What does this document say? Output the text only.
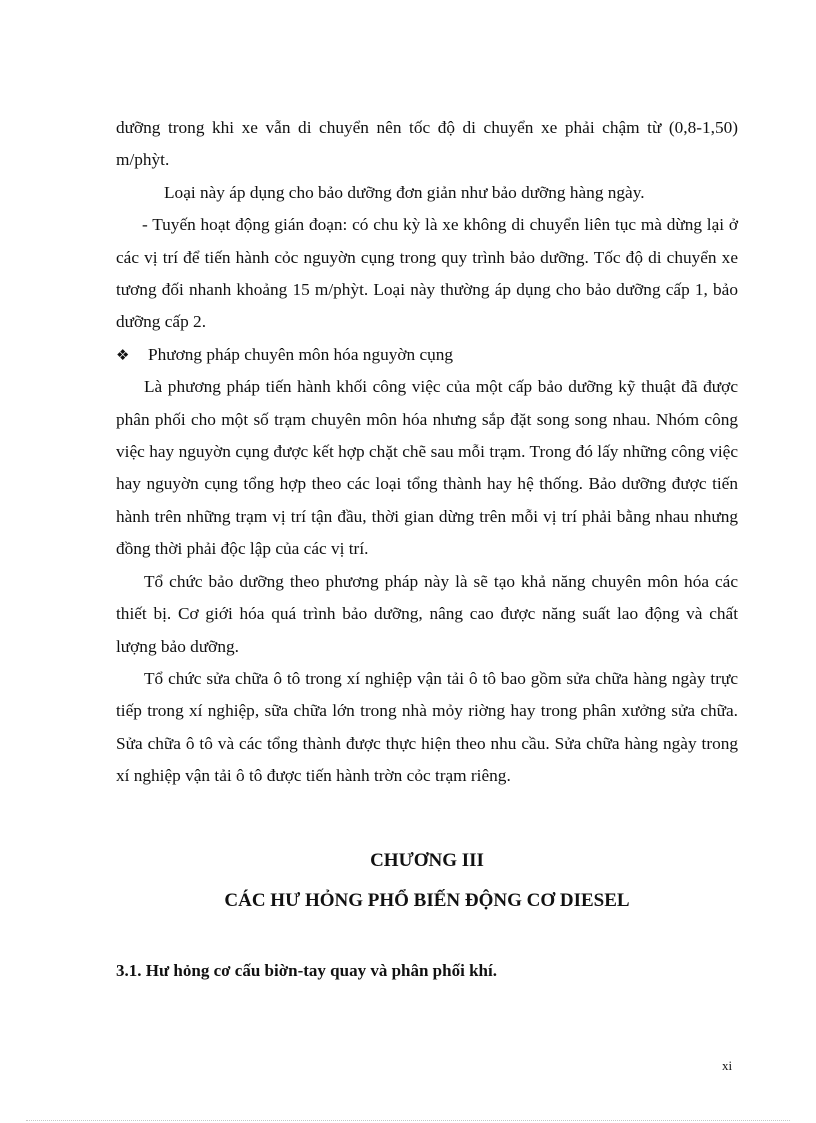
dưỡng trong khi xe vẫn di chuyển nên tốc độ di chuyển xe phải chậm từ (0,8-1,50) m/phỳt.

Loại này áp dụng cho bảo dưỡng đơn giản như bảo dưỡng hàng ngày.

- Tuyến hoạt động gián đoạn: có chu kỳ là xe không di chuyển liên tục mà dừng lại ở các vị trí để tiến hành cỏc nguyờn cụng trong quy trình bảo dưỡng. Tốc độ di chuyển xe tương đối nhanh khoảng 15 m/phỳt. Loại này thường áp dụng cho bảo dưỡng cấp 1, bảo dưỡng cấp 2.

❖	Phương pháp chuyên môn hóa nguyờn cụng

Là phương pháp tiến hành khối công việc của một cấp bảo dưỡng kỹ thuật đã được phân phối cho một số trạm chuyên môn hóa nhưng sắp đặt song song nhau. Nhóm công việc hay nguyờn cụng được kết hợp chặt chẽ sau mỗi trạm. Trong đó lấy những công việc hay nguyờn cụng tổng hợp theo các loại tổng thành hay hệ thống. Bảo dưỡng được tiến hành trên những trạm vị trí tận đầu, thời gian dừng trên mỗi vị trí phải bằng nhau nhưng đồng thời phải độc lập của các vị trí.

Tổ chức bảo dưỡng theo phương pháp này là sẽ tạo khả năng chuyên môn hóa các thiết bị. Cơ giới hóa quá trình bảo dưỡng, nâng cao được năng suất lao động và chất lượng bảo dưỡng.

Tổ chức sửa chữa ô tô trong xí nghiệp vận tải ô tô bao gồm sửa chữa hàng ngày trực tiếp trong xí nghiệp, sữa chữa lớn trong nhà mỏy riờng hay trong phân xưởng sửa chữa. Sửa chữa ô tô và các tổng thành được thực hiện theo nhu cầu. Sửa chữa hàng ngày trong xí nghiệp vận tải ô tô được tiến hành trờn cỏc trạm riêng.

CHƯƠNG III
CÁC HƯ HỎNG PHỔ BIẾN ĐỘNG CƠ DIESEL
3.1. Hư hỏng cơ cấu biờn-tay quay và phân phối khí.
xi
